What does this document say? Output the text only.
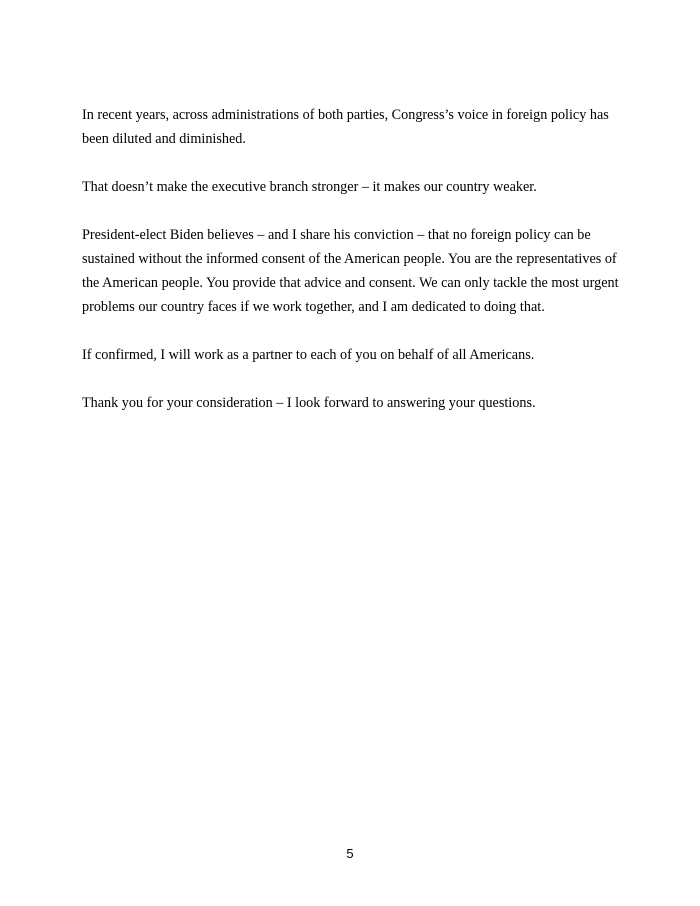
In recent years, across administrations of both parties, Congress’s voice in foreign policy has been diluted and diminished.

That doesn’t make the executive branch stronger – it makes our country weaker.

President-elect Biden believes – and I share his conviction – that no foreign policy can be sustained without the informed consent of the American people. You are the representatives of the American people. You provide that advice and consent. We can only tackle the most urgent problems our country faces if we work together, and I am dedicated to doing that.

If confirmed, I will work as a partner to each of you on behalf of all Americans.

Thank you for your consideration – I look forward to answering your questions.

5
